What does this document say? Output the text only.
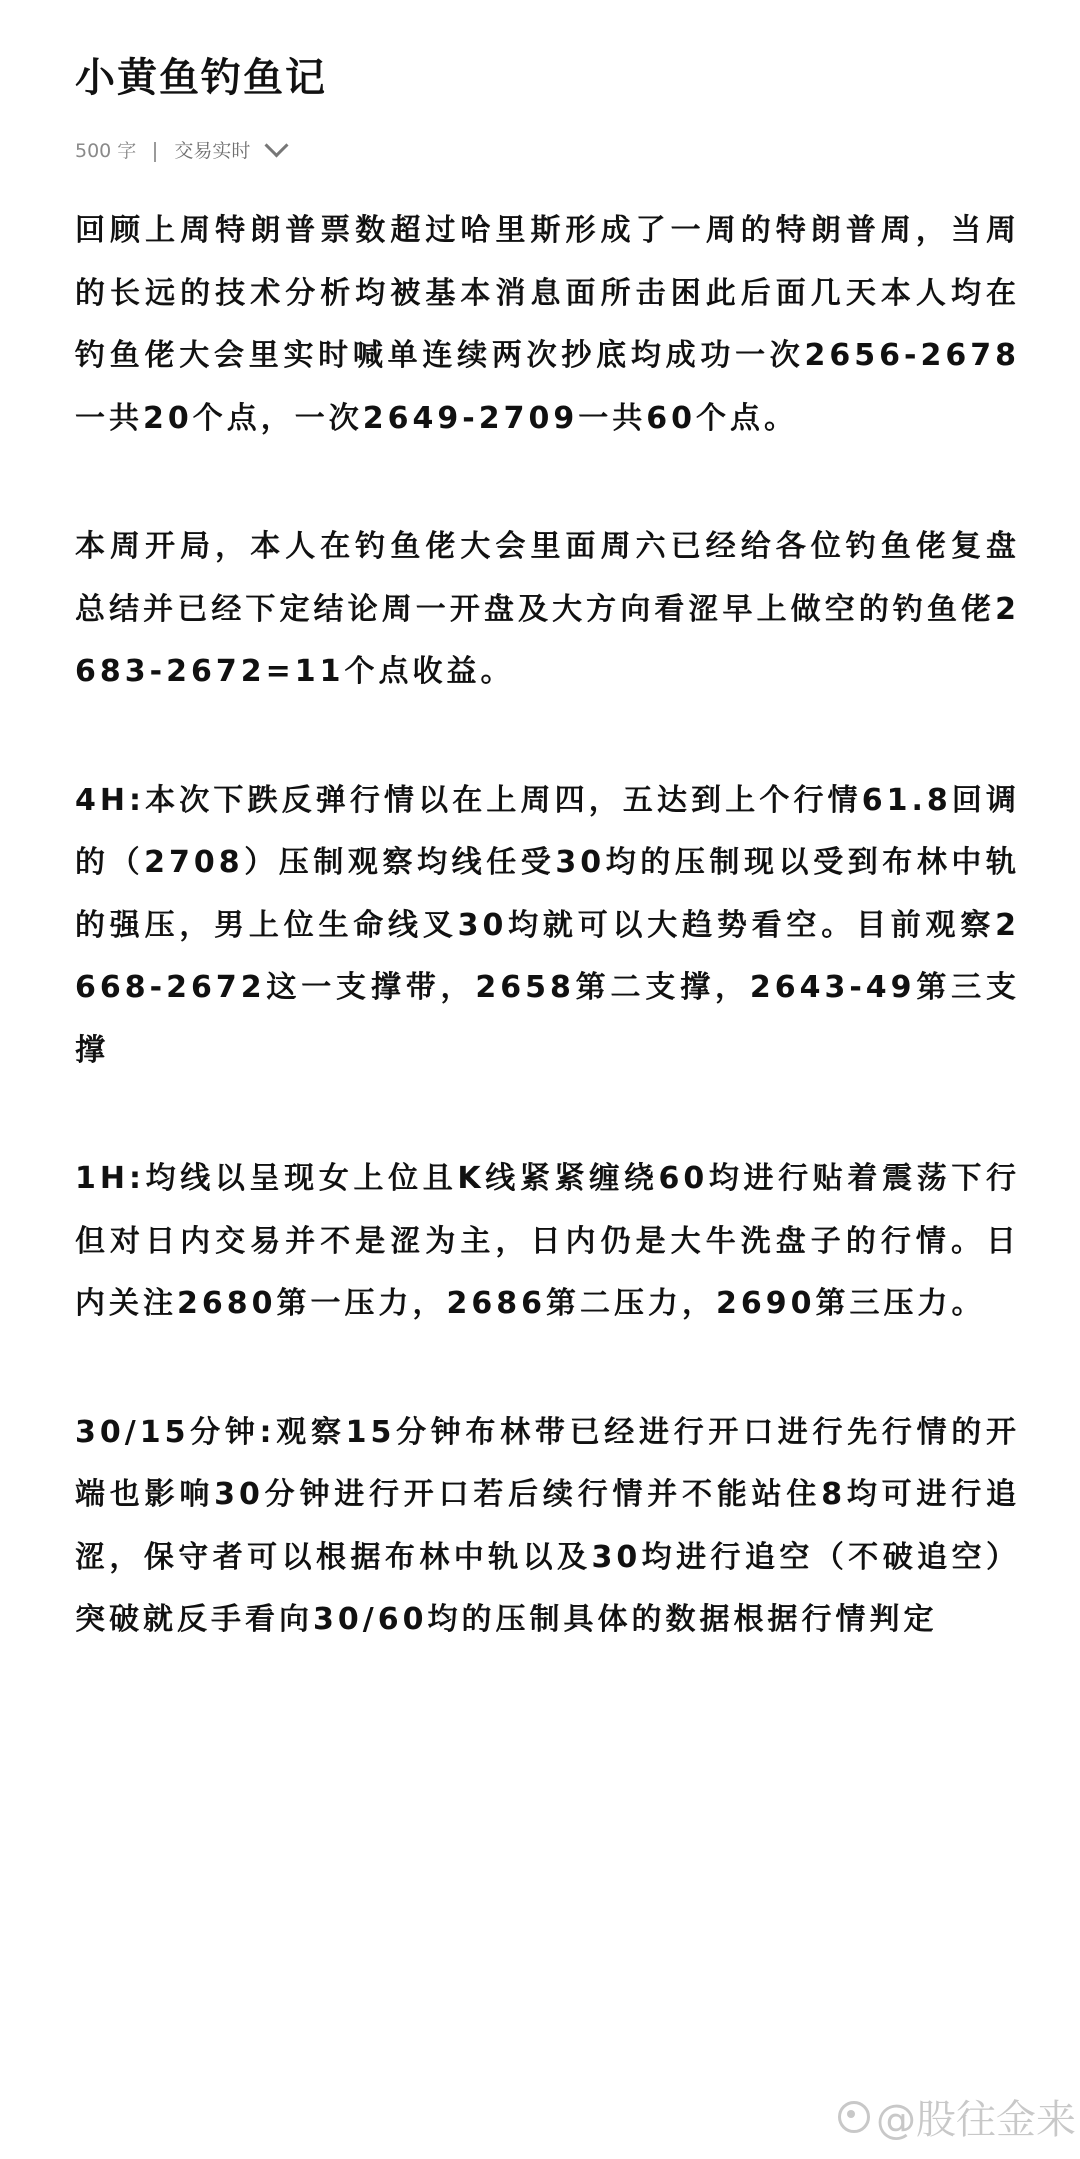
小黄鱼钓鱼记
500 字 交易实时

回顾上周特朗普票数超过哈里斯形成了一周的特朗普周，当周的长远的技术分析均被基本消息面所击困此后面几天本人均在钓鱼佬大会里实时喊单连续两次抄底均成功一次2656-2678一共20个点，一次2649-2709一共60个点。

本周开局，本人在钓鱼佬大会里面周六已经给各位钓鱼佬复盘总结并已经下定结论周一开盘及大方向看涩早上做空的钓鱼佬2683-2672=11个点收益。

4H:本次下跌反弹行情以在上周四，五达到上个行情61.8回调的（2708）压制观察均线任受30均的压制现以受到布林中轨的强压，男上位生命线叉30均就可以大趋势看空。目前观察2668-2672这一支撑带，2658第二支撑，2643-49第三支撑

1H:均线以呈现女上位且K线紧紧缠绕60均进行贴着震荡下行但对日内交易并不是涩为主，日内仍是大牛洗盘子的行情。日内关注2680第一压力，2686第二压力，2690第三压力。

30/15分钟:观察15分钟布林带已经进行开口进行先行情的开端也影响30分钟进行开口若后续行情并不能站住8均可进行追涩，保守者可以根据布林中轨以及30均进行追空（不破追空）突破就反手看向30/60均的压制具体的数据根据行情判定

@股往金来
